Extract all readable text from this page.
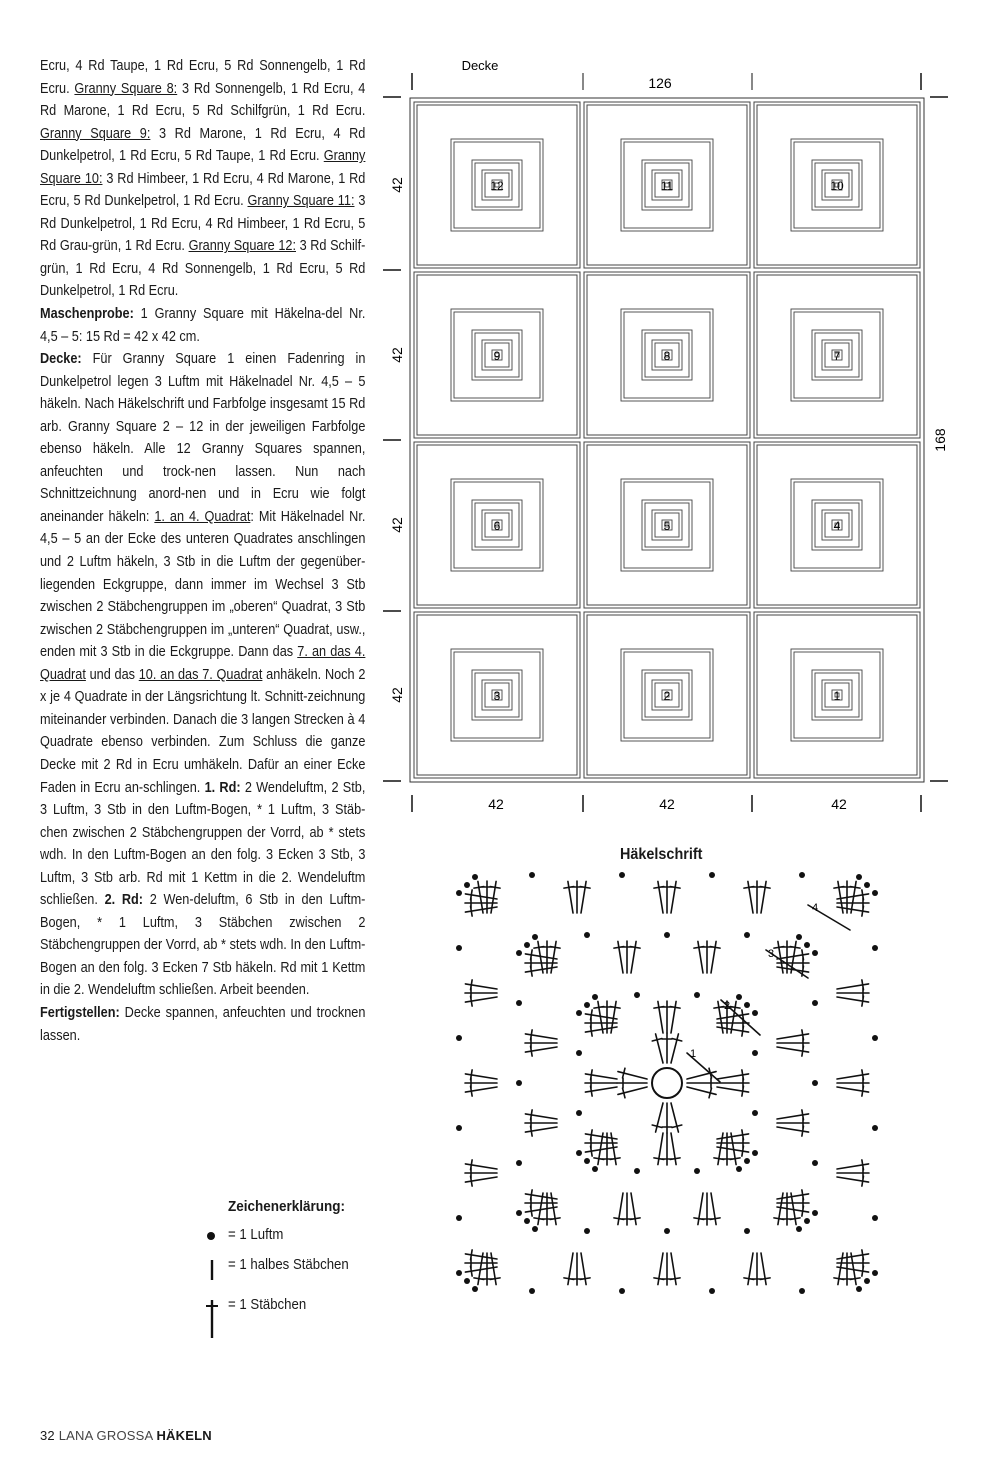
Ecru, 4 Rd Taupe, 1 Rd Ecru, 5 Rd Sonnengelb, 1 Rd Ecru. Granny Square 8: 3 Rd Sonnengelb, 1 Rd Ecru, 4 Rd Marone, 1 Rd Ecru, 5 Rd Schilfgrün, 1 Rd Ecru. Granny Square 9: 3 Rd Marone, 1 Rd Ecru, 4 Rd Dunkelpetrol, 1 Rd Ecru, 5 Rd Taupe, 1 Rd Ecru. Granny Square 10: 3 Rd Himbeer, 1 Rd Ecru, 4 Rd Marone, 1 Rd Ecru, 5 Rd Dunkelpetrol, 1 Rd Ecru. Granny Square 11: 3 Rd Dunkelpetrol, 1 Rd Ecru, 4 Rd Himbeer, 1 Rd Ecru, 5 Rd Grau-grün, 1 Rd Ecru. Granny Square 12: 3 Rd Schilf-grün, 1 Rd Ecru, 4 Rd Sonnengelb, 1 Rd Ecru, 5 Rd Dunkelpetrol, 1 Rd Ecru.

Maschenprobe: 1 Granny Square mit Häkelna-del Nr. 4,5 – 5: 15 Rd = 42 x 42 cm.

Decke: Für Granny Square 1 einen Fadenring in Dunkelpetrol legen 3 Luftm mit Häkelnadel Nr. 4,5 – 5 häkeln. Nach Häkelschrift und Farbfolge insgesamt 15 Rd arb. Granny Square 2 – 12 in der jeweiligen Farbfolge ebenso häkeln. Alle 12 Granny Squares spannen, anfeuchten und trock-nen lassen. Nun nach Schnittzeichnung anord-nen und in Ecru wie folgt aneinander häkeln: 1. an 4. Quadrat: Mit Häkelnadel Nr. 4,5 – 5 an der Ecke des unteren Quadrates anschlingen und 2 Luftm häkeln, 3 Stb in die Luftm der gegenüber-liegenden Eckgruppe, dann immer im Wechsel 3 Stb zwischen 2 Stäbchengruppen im „oberen“ Quadrat, 3 Stb zwischen 2 Stäbchengruppen im „unteren“ Quadrat, usw., enden mit 3 Stb in die Eckgruppe. Dann das 7. an das 4. Quadrat und das 10. an das 7. Quadrat anhäkeln. Noch 2 x je 4 Quadrate in der Längsrichtung lt. Schnitt-zeichnung miteinander verbinden. Danach die 3 langen Strecken à 4 Quadrate ebenso verbinden. Zum Schluss die ganze Decke mit 2 Rd in Ecru umhäkeln. Dafür an einer Ecke Faden in Ecru an-schlingen. 1. Rd: 2 Wendeluftm, 2 Stb, 3 Luftm, 3 Stb in den Luftm-Bogen, * 1 Luftm, 3 Stäb-chen zwischen 2 Stäbchengruppen der Vorrd, ab * stets wdh. In den Luftm-Bogen an den folg. 3 Ecken 3 Stb, 3 Luftm, 3 Stb arb. Rd mit 1 Kettm in die 2. Wendeluftm schließen. 2. Rd: 2 Wen-deluftm, 6 Stb in den Luftm-Bogen, * 1 Luftm, 3 Stäbchen zwischen 2 Stäbchengruppen der Vorrd, ab * stets wdh. In den Luftm-Bogen an den folg. 3 Ecken 7 Stb häkeln. Rd mit 1 Kettm in die 2. Wendeluftm schließen. Arbeit beenden.

Fertigstellen: Decke spannen, anfeuchten und trocknen lassen.

Zeichenerklärung:
= 1 Luftm
= 1 halbes Stäbchen
= 1 Stäbchen
32 LANA GROSSA HÄKELN
Decke
126
168
12	11	10
9	8	7
6	5	4
3	2	1
42	42	42
42
42
42
42
Häkelschrift
4
3
2
1
